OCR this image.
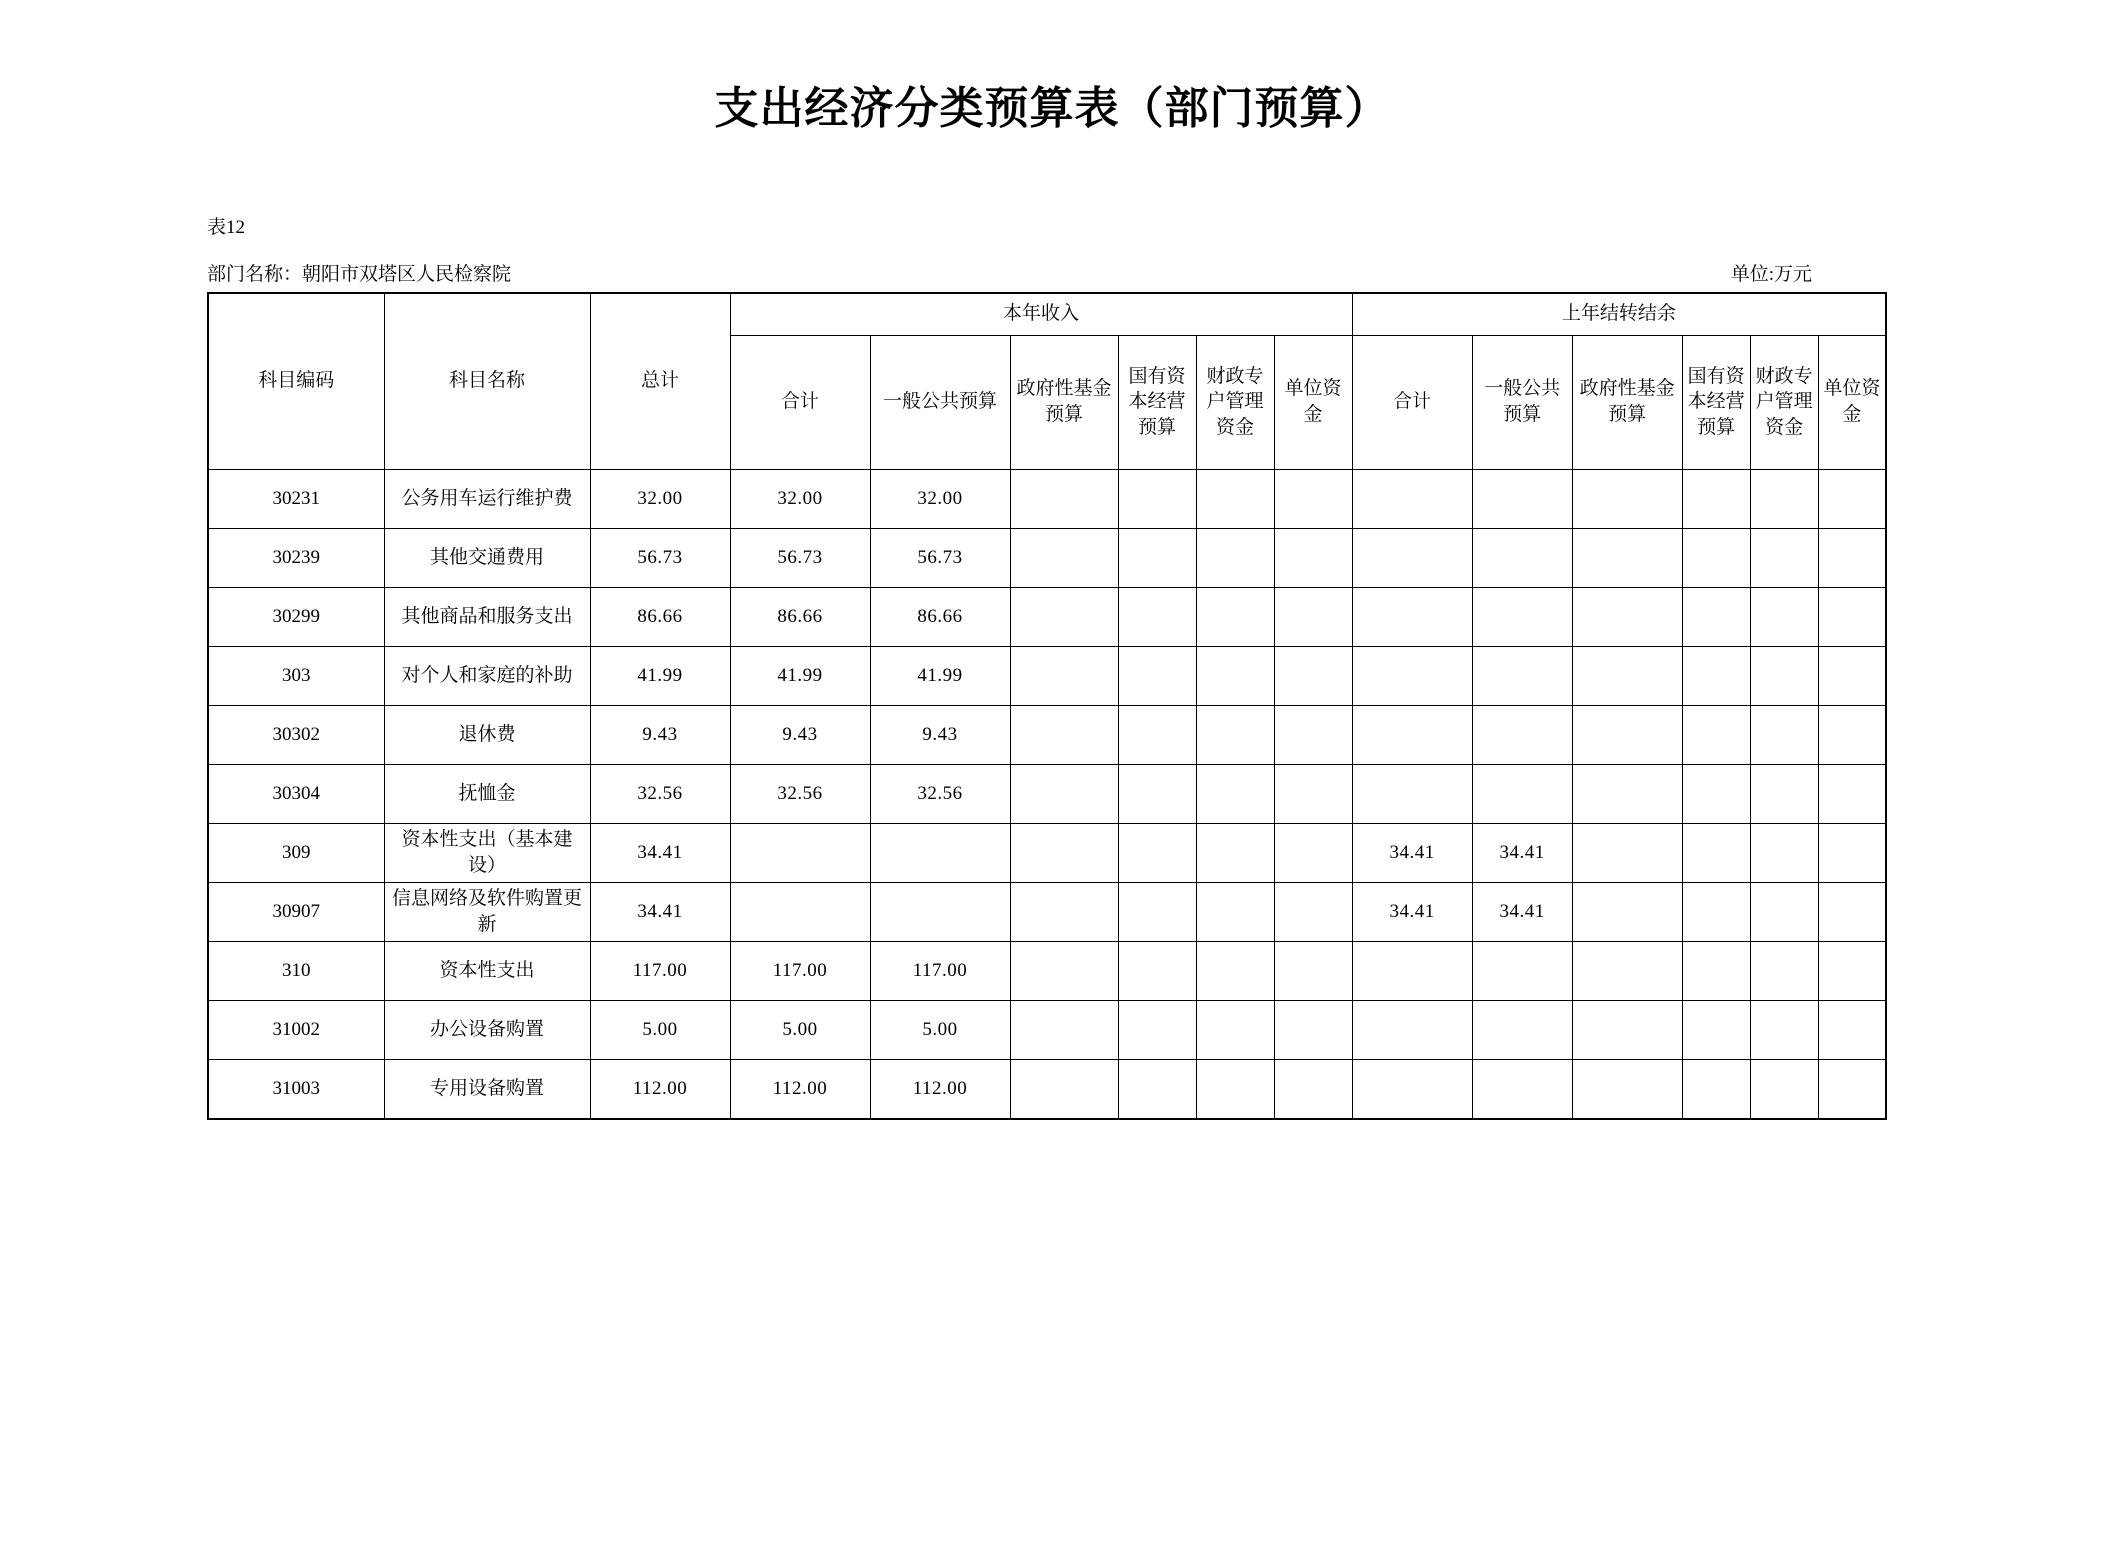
支出经济分类预算表（部门预算）
表12
部门名称：朝阳市双塔区人民检察院	单位:万元
科目编码	科目名称	总计	本年收入						上年结转结余					
			合计	一般公共预算	政府性基金预算	国有资本经营预算	财政专户管理资金	单位资金	合计	一般公共预算	政府性基金预算	国有资本经营预算	财政专户管理资金	单位资金
30231	公务用车运行维护费	32.00	32.00	32.00										
30239	其他交通费用	56.73	56.73	56.73										
30299	其他商品和服务支出	86.66	86.66	86.66										
303	对个人和家庭的补助	41.99	41.99	41.99										
30302	退休费	9.43	9.43	9.43										
30304	抚恤金	32.56	32.56	32.56										
309	资本性支出（基本建设）	34.41							34.41	34.41				
30907	信息网络及软件购置更新	34.41							34.41	34.41				
310	资本性支出	117.00	117.00	117.00										
31002	办公设备购置	5.00	5.00	5.00										
31003	专用设备购置	112.00	112.00	112.00										
